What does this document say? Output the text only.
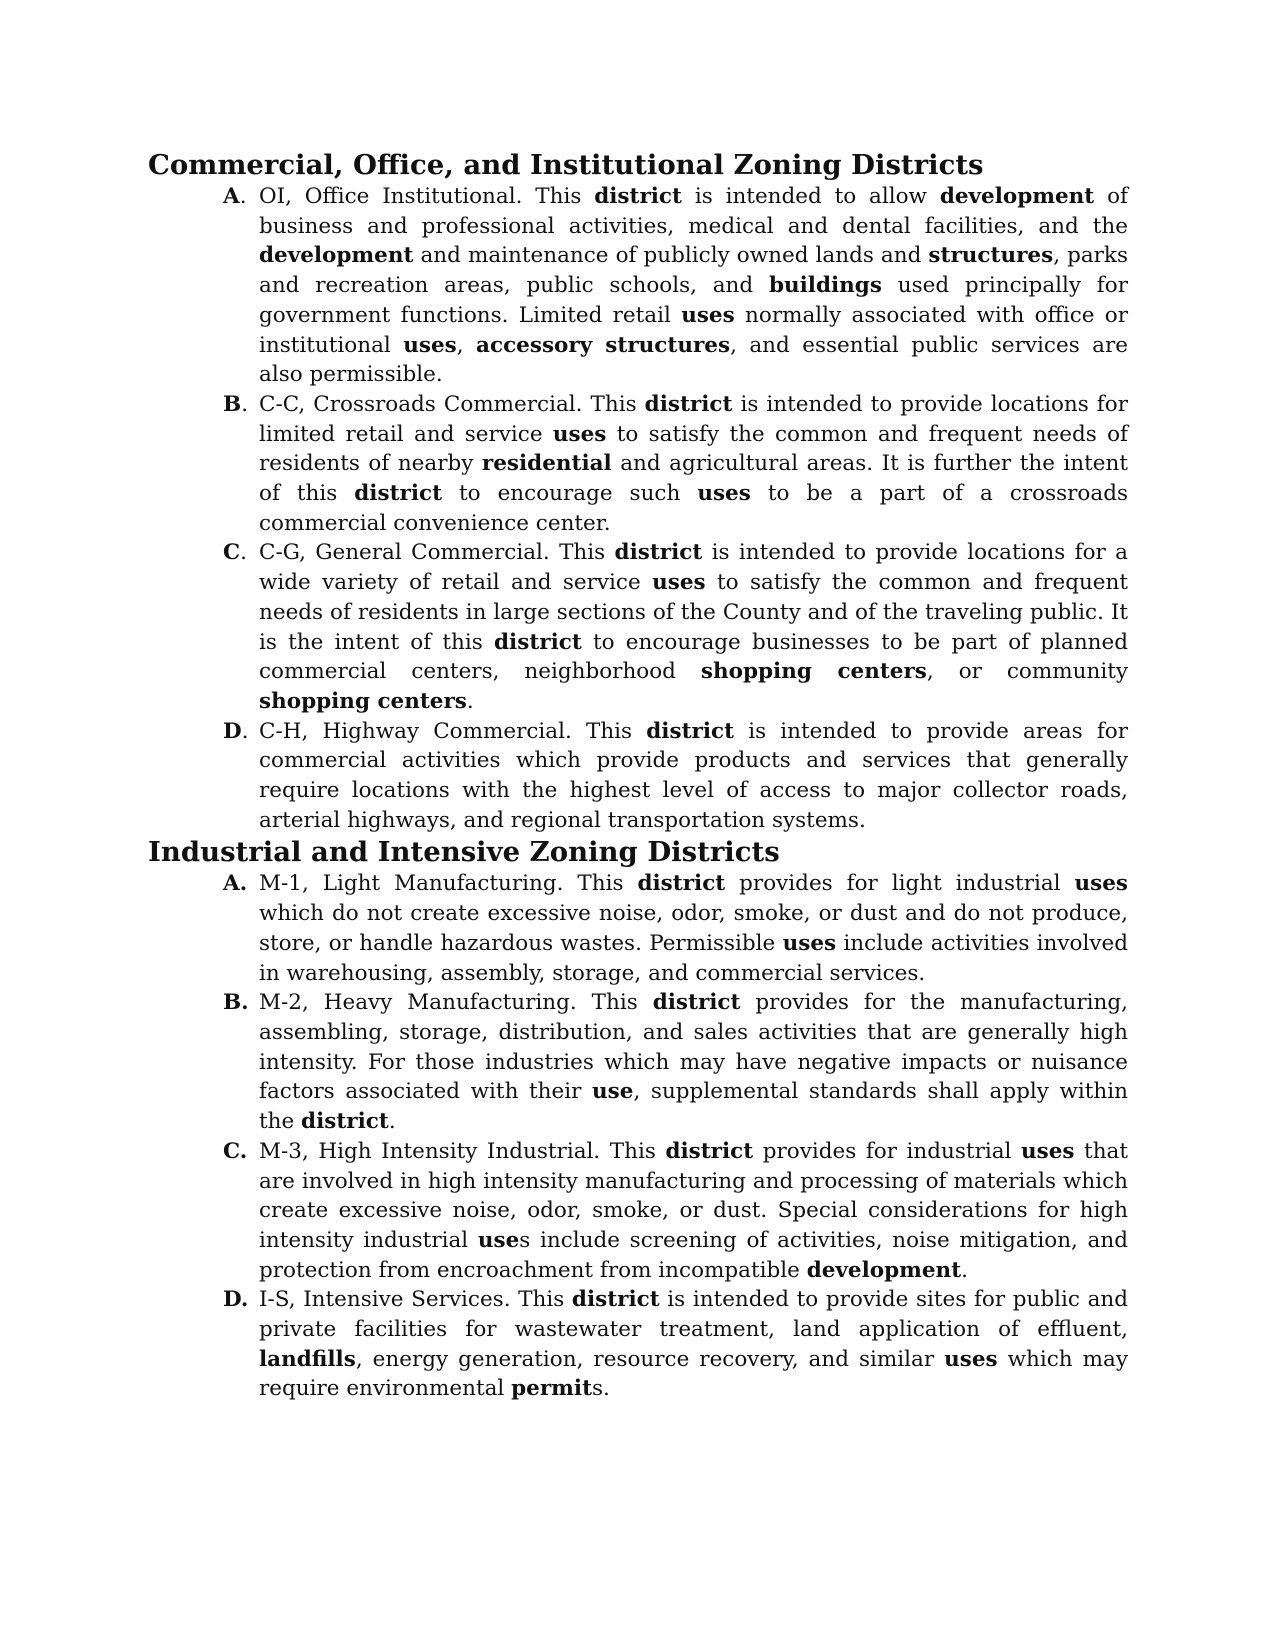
Commercial, Office, and Institutional Zoning Districts
A. OI, Office Institutional. This district is intended to allow development of business and professional activities, medical and dental facilities, and the development and maintenance of publicly owned lands and structures, parks and recreation areas, public schools, and buildings used principally for government functions. Limited retail uses normally associated with office or institutional uses, accessory structures, and essential public services are also permissible.
B. C-C, Crossroads Commercial. This district is intended to provide locations for limited retail and service uses to satisfy the common and frequent needs of residents of nearby residential and agricultural areas. It is further the intent of this district to encourage such uses to be a part of a crossroads commercial convenience center.
C. C-G, General Commercial. This district is intended to provide locations for a wide variety of retail and service uses to satisfy the common and frequent needs of residents in large sections of the County and of the traveling public. It is the intent of this district to encourage businesses to be part of planned commercial centers, neighborhood shopping centers, or community shopping centers.
D. C-H, Highway Commercial. This district is intended to provide areas for commercial activities which provide products and services that generally require locations with the highest level of access to major collector roads, arterial highways, and regional transportation systems.
Industrial and Intensive Zoning Districts
A. M-1, Light Manufacturing. This district provides for light industrial uses which do not create excessive noise, odor, smoke, or dust and do not produce, store, or handle hazardous wastes. Permissible uses include activities involved in warehousing, assembly, storage, and commercial services.
B. M-2, Heavy Manufacturing. This district provides for the manufacturing, assembling, storage, distribution, and sales activities that are generally high intensity. For those industries which may have negative impacts or nuisance factors associated with their use, supplemental standards shall apply within the district.
C. M-3, High Intensity Industrial. This district provides for industrial uses that are involved in high intensity manufacturing and processing of materials which create excessive noise, odor, smoke, or dust. Special considerations for high intensity industrial uses include screening of activities, noise mitigation, and protection from encroachment from incompatible development.
D. I-S, Intensive Services. This district is intended to provide sites for public and private facilities for wastewater treatment, land application of effluent, landfills, energy generation, resource recovery, and similar uses which may require environmental permits.
